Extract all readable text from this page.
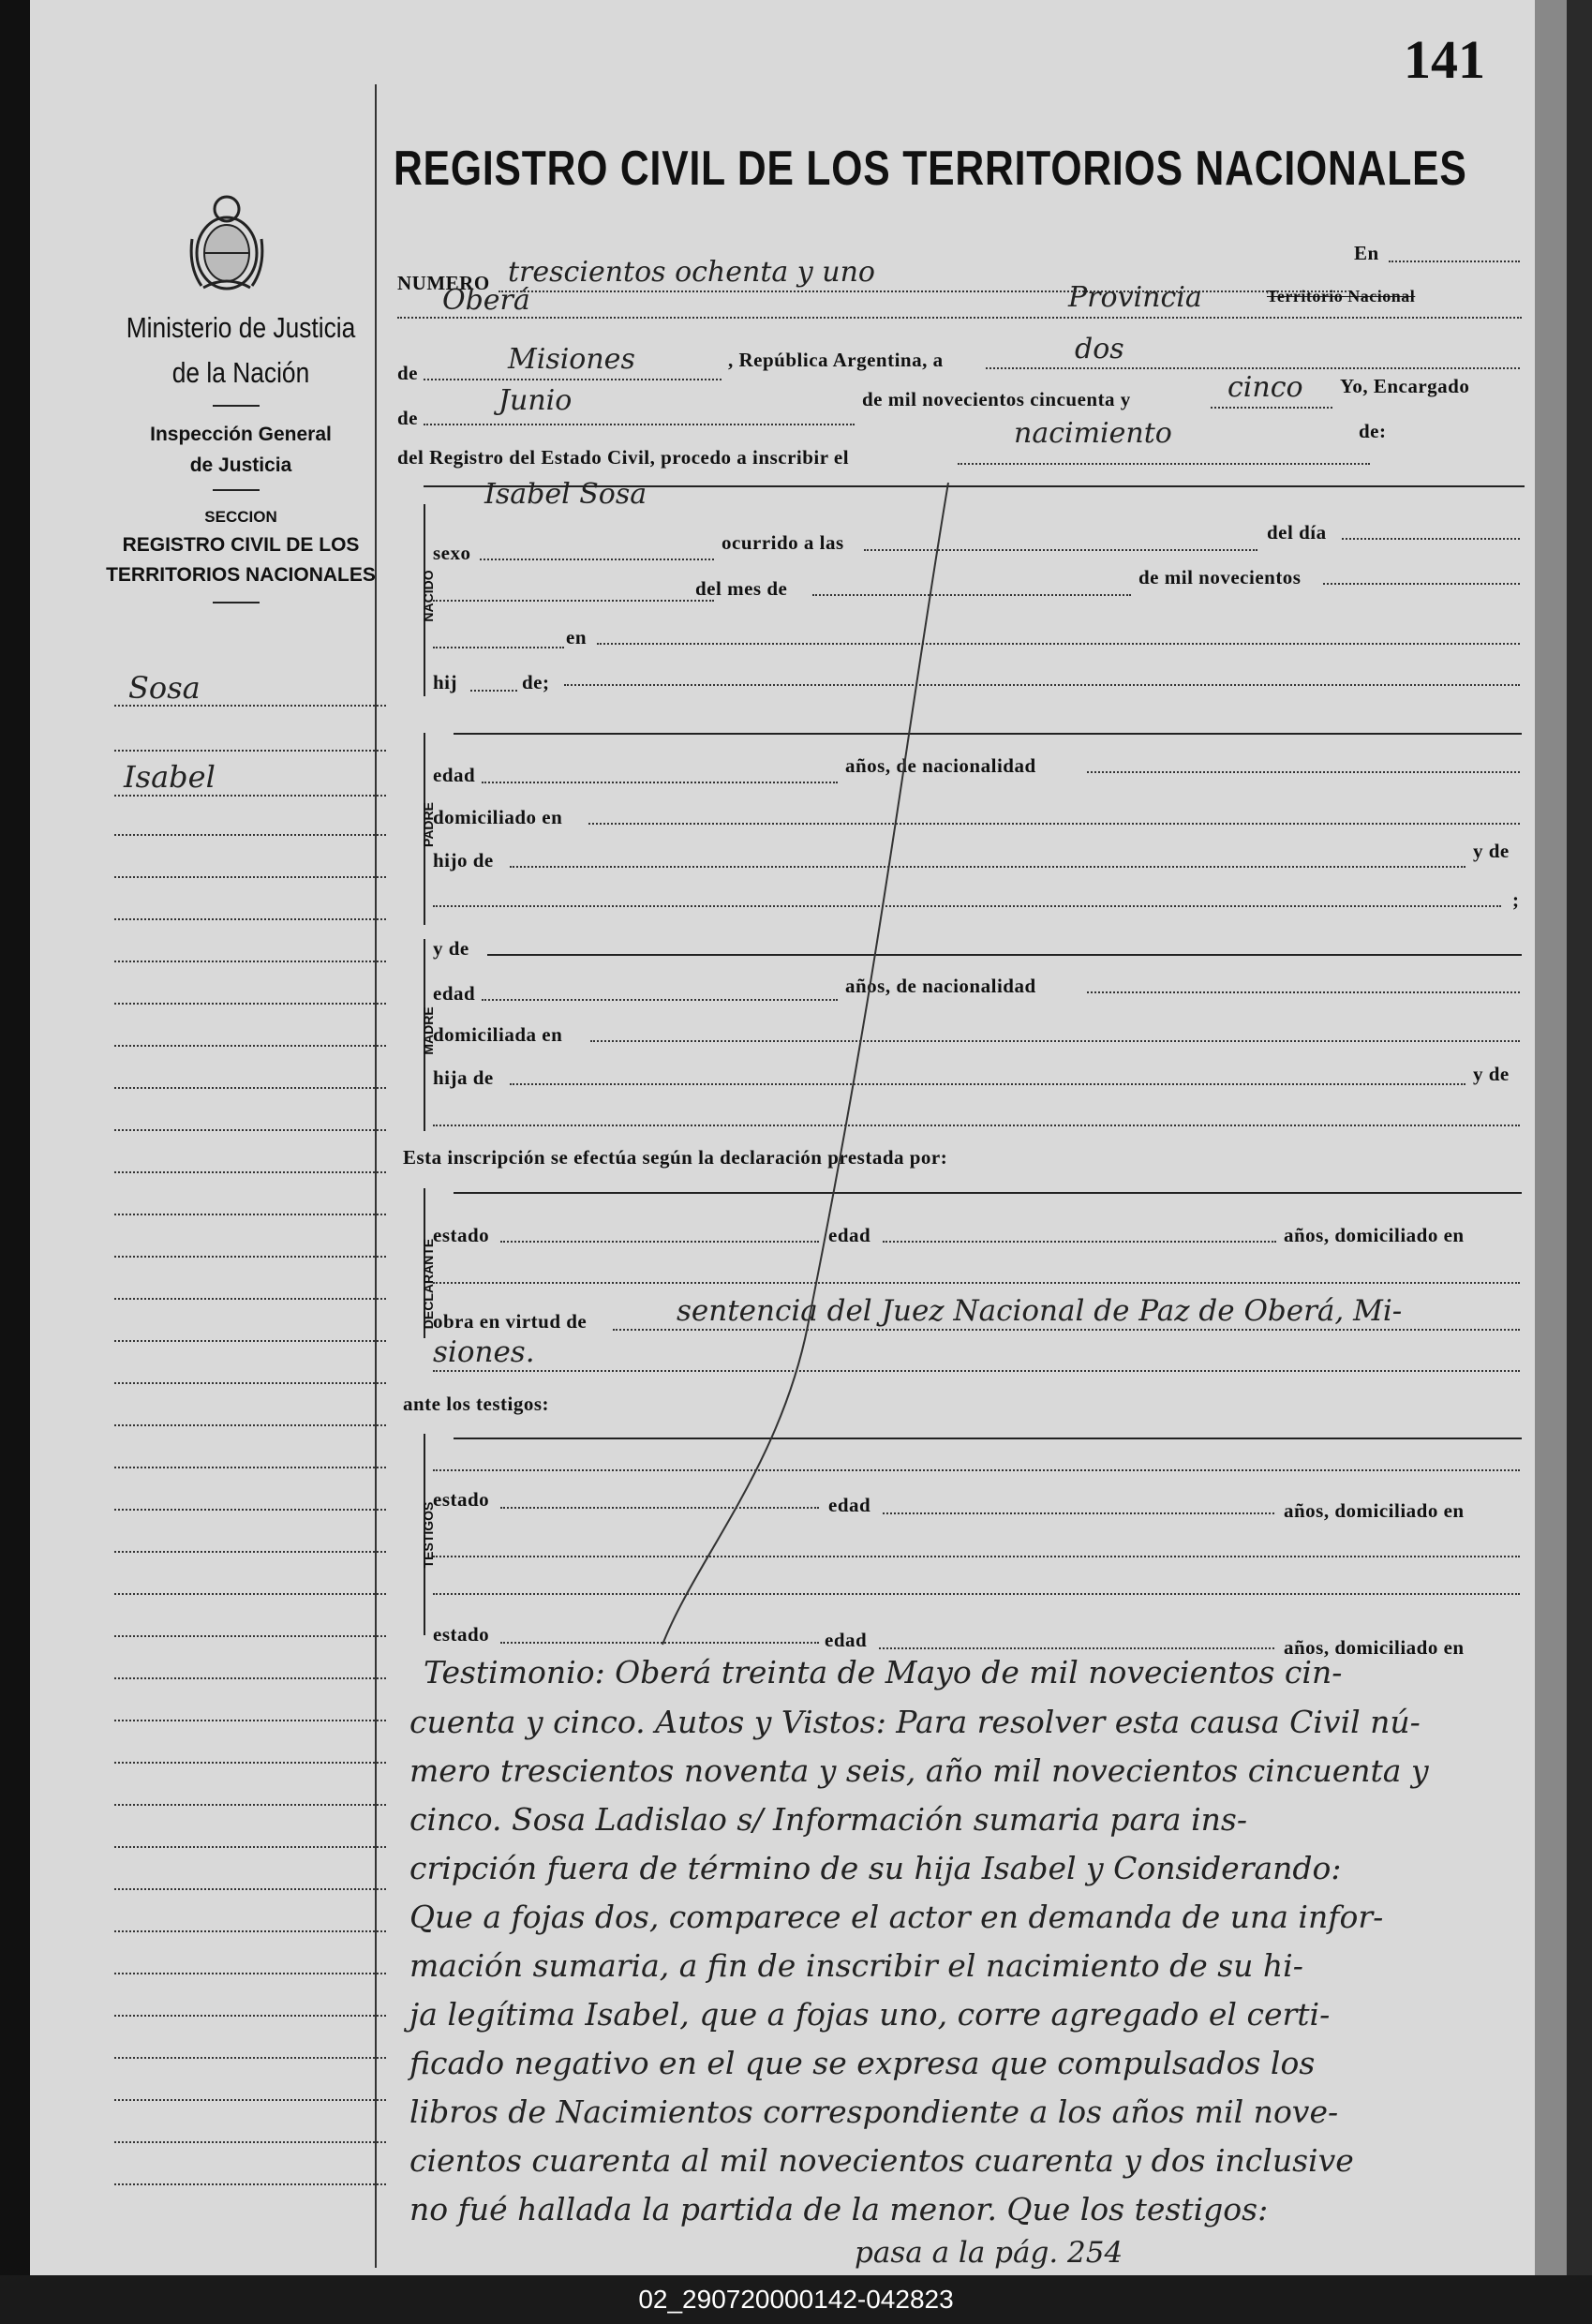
141
Ministerio de Justicia
de la Nación
Inspección General
de Justicia
SECCION
REGISTRO CIVIL DE LOS
TERRITORIOS NACIONALES
Sosa
Isabel
REGISTRO CIVIL DE LOS TERRITORIOS NACIONALES
NUMERO trescientos ochenta y uno
En
Oberá	Provincia	Territorio Nacional
de	Misiones	, República Argentina, a	dos
de
Junio	de mil novecientos cincuenta y	cinco Yo, Encargado
del Registro del Estado Civil, procedo a inscribir el
nacimiento	de:
Isabel Sosa
NACIDO
sexo	ocurrido a las	del día
del mes de	de mil novecientos
en
hij	de;
PADRE
edad	años, de nacionalidad
domiciliado en
hijo de	y de
;
MADRE
y de
edad	años, de nacionalidad
domiciliada en
hija de	y de
Esta inscripción se efectúa según la declaración prestada por:
DECLARANTE
estado	edad	años, domiciliado en
obra en virtud de	sentencia del Juez Nacional de Paz de Oberá, Mi-
siones.
ante los testigos:
TESTIGOS
estado	edad	años, domiciliado en
estado	edad	años, domiciliado en
Testimonio: Oberá treinta de Mayo de mil novecientos cin-
cuenta y cinco. Autos y Vistos: Para resolver esta causa Civil nú-
mero trescientos noventa y seis, año mil novecientos cincuenta y
cinco. Sosa Ladislao s/ Información sumaria para ins-
cripción fuera de término de su hija Isabel y Considerando:
Que a fojas dos, comparece el actor en demanda de una infor-
mación sumaria, a fin de inscribir el nacimiento de su hi-
ja legítima Isabel, que a fojas uno, corre agregado el certi-
ficado negativo en el que se expresa que compulsados los
libros de Nacimientos correspondiente a los años mil nove-
cientos cuarenta al mil novecientos cuarenta y dos inclusive
no fué hallada la partida de la menor. Que los testigos:
pasa a la pág. 254
02_290720000142-042823
